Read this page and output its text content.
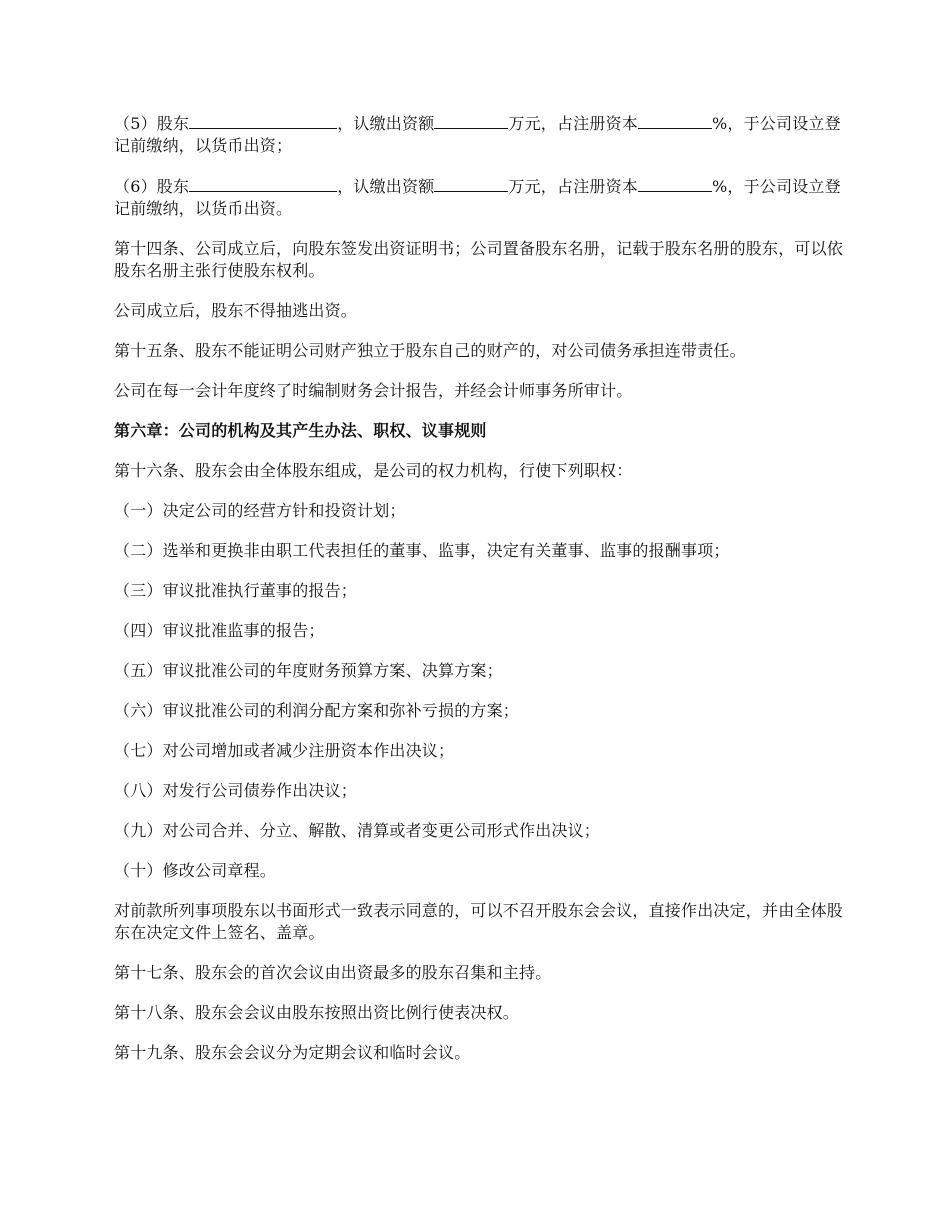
（5）股东	，认缴出资额	万元，占注册资本	%，于公司设立登记前缴纳，以货币出资；

（6）股东	，认缴出资额	万元，占注册资本	%，于公司设立登记前缴纳，以货币出资。

第十四条、公司成立后，向股东签发出资证明书；公司置备股东名册，记载于股东名册的股东，可以依股东名册主张行使股东权利。

公司成立后，股东不得抽逃出资。

第十五条、股东不能证明公司财产独立于股东自己的财产的，对公司债务承担连带责任。

公司在每一会计年度终了时编制财务会计报告，并经会计师事务所审计。

第六章：公司的机构及其产生办法、职权、议事规则

第十六条、股东会由全体股东组成，是公司的权力机构，行使下列职权：

（一）决定公司的经营方针和投资计划；

（二）选举和更换非由职工代表担任的董事、监事，决定有关董事、监事的报酬事项；

（三）审议批准执行董事的报告；

（四）审议批准监事的报告；

（五）审议批准公司的年度财务预算方案、决算方案；

（六）审议批准公司的利润分配方案和弥补亏损的方案；

（七）对公司增加或者减少注册资本作出决议；

（八）对发行公司债券作出决议；

（九）对公司合并、分立、解散、清算或者变更公司形式作出决议；

（十）修改公司章程。

对前款所列事项股东以书面形式一致表示同意的，可以不召开股东会会议，直接作出决定，并由全体股东在决定文件上签名、盖章。

第十七条、股东会的首次会议由出资最多的股东召集和主持。

第十八条、股东会会议由股东按照出资比例行使表决权。

第十九条、股东会会议分为定期会议和临时会议。
